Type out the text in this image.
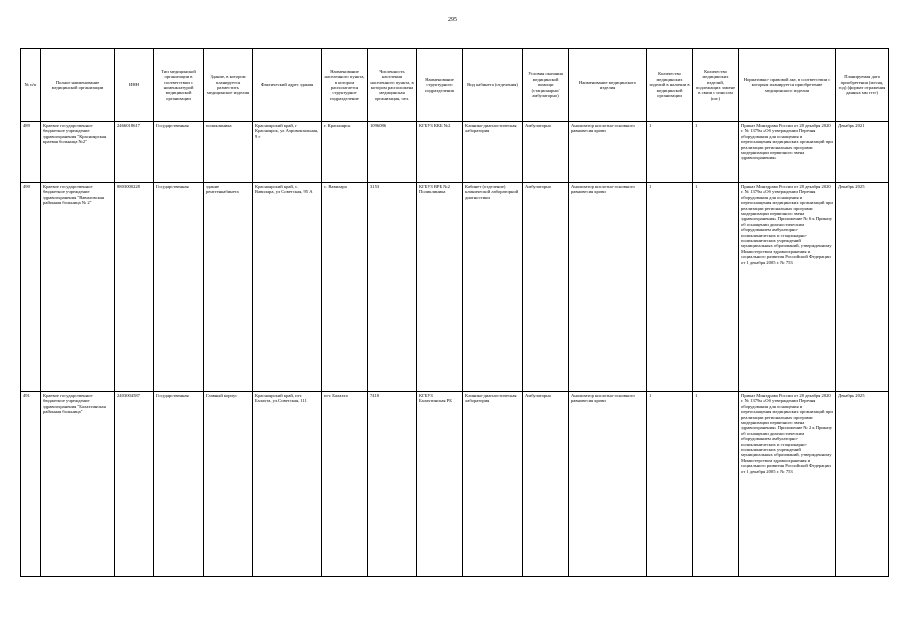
295
№ п/п	Полное наименование медицинской организации	ИНН	Тип медицинской организации в соответствии с номенклатурой медицинской организации	Здание, в котором планируется разместить медицинское изделия	Фактический адрес здания	Наименование населенного пункта, в котором располагается структурное подразделение	Численность населения населенного пункта, в котором расположена медицинская организация, чел.	Наименование структурного подразделения	Вид кабинета (отделения)	Условия оказания медицинской помощи (стационарно/ амбулаторно)	Наименование медицинского изделия	Количество медицинских изделий в наличии в медицинской организации	Количество медицинских изделий, подлежащих замене в связи с износом (шт.)	Нормативно- правовой акт, в соответствии с которым планируется приобретение медицинского изделия	Планируемая дата приобретения (месяц, год) (формат отражения данных мм гггг)
489	Краевое государственное бюджетное учреждение здравоохранения "Красноярская краевая больница №2"	2466018617	Государственная	поликлиника	Красноярский край, г Красноярск, ул Аэровокзальная, 9 г	г. Красноярск	1096086	КГБУЗ ККБ №2	Клинико-диагностическая лаборатория	Амбулаторно	Анализатор кислотно-основного равновесия крови	1	1	Приказ Минздрава России от 28 декабря 2020 г. № 1379н «Об утверждении Перечня оборудования для оснащения и переоснащения медицинских организаций при реализации региональных программ модернизации первичного звена здравоохранения»	Декабрь 2021
490	Краевое государственное бюджетное учреждение здравоохранения "Вавиловская районная больница № 2"	8803000228	Государственная	здание рентгенкабинета	Красноярский край, с. Вавилара, ул Советская, 95 А	с. Вавилара	3153	КГБУЗ ВРБ №2 Поликлиника	Кабинет (отделение) клинической лабораторной диагностики	Амбулаторно	Анализатор кислотно-основного равновесия крови	1	1	Приказ Минздрава России от 28 декабря 2020 г. № 1379н «Об утверждении Перечня оборудования для оснащения и переоснащения медицинских организаций при реализации региональных программ модернизации первичного звена здравоохранения» Приложение № 6 к Приказу об оснащении диагностическим оборудованием амбулаторно-поликлинических и стационарно-поликлинических учреждений муниципальных образований, утвержденному Министерством здравоохранения и социального развития Российской Федерации от 1 декабря 2005 г. № 753	Декабрь 2025
491	Краевое государственное бюджетное учреждение здравоохранения "Балахтинская районная больница"	2403004587	Государственная	Главный корпус	Красноярский край, пгт. Балахта, ул.Советская, 111	пгт. Балахта	7410	КГБУЗ Балахтинская РБ	Клинико-диагностическая лаборатория	Амбулаторно	Анализатор кислотно-основного равновесия крови	1	1	Приказ Минздрава России от 28 декабря 2020 г. № 1379н «Об утверждении Перечня оборудования для оснащения и переоснащения медицинских организаций при реализации региональных программ модернизации первичного звена здравоохранения» Приложение № 2 к Приказу об оснащении диагностическим оборудованием амбулаторно-поликлинических и стационарно-поликлинических учреждений муниципальных образований, утвержденному Министерством здравоохранения и социального развития Российской Федерации от 1 декабря 2005 г. № 753	Декабрь 2025
